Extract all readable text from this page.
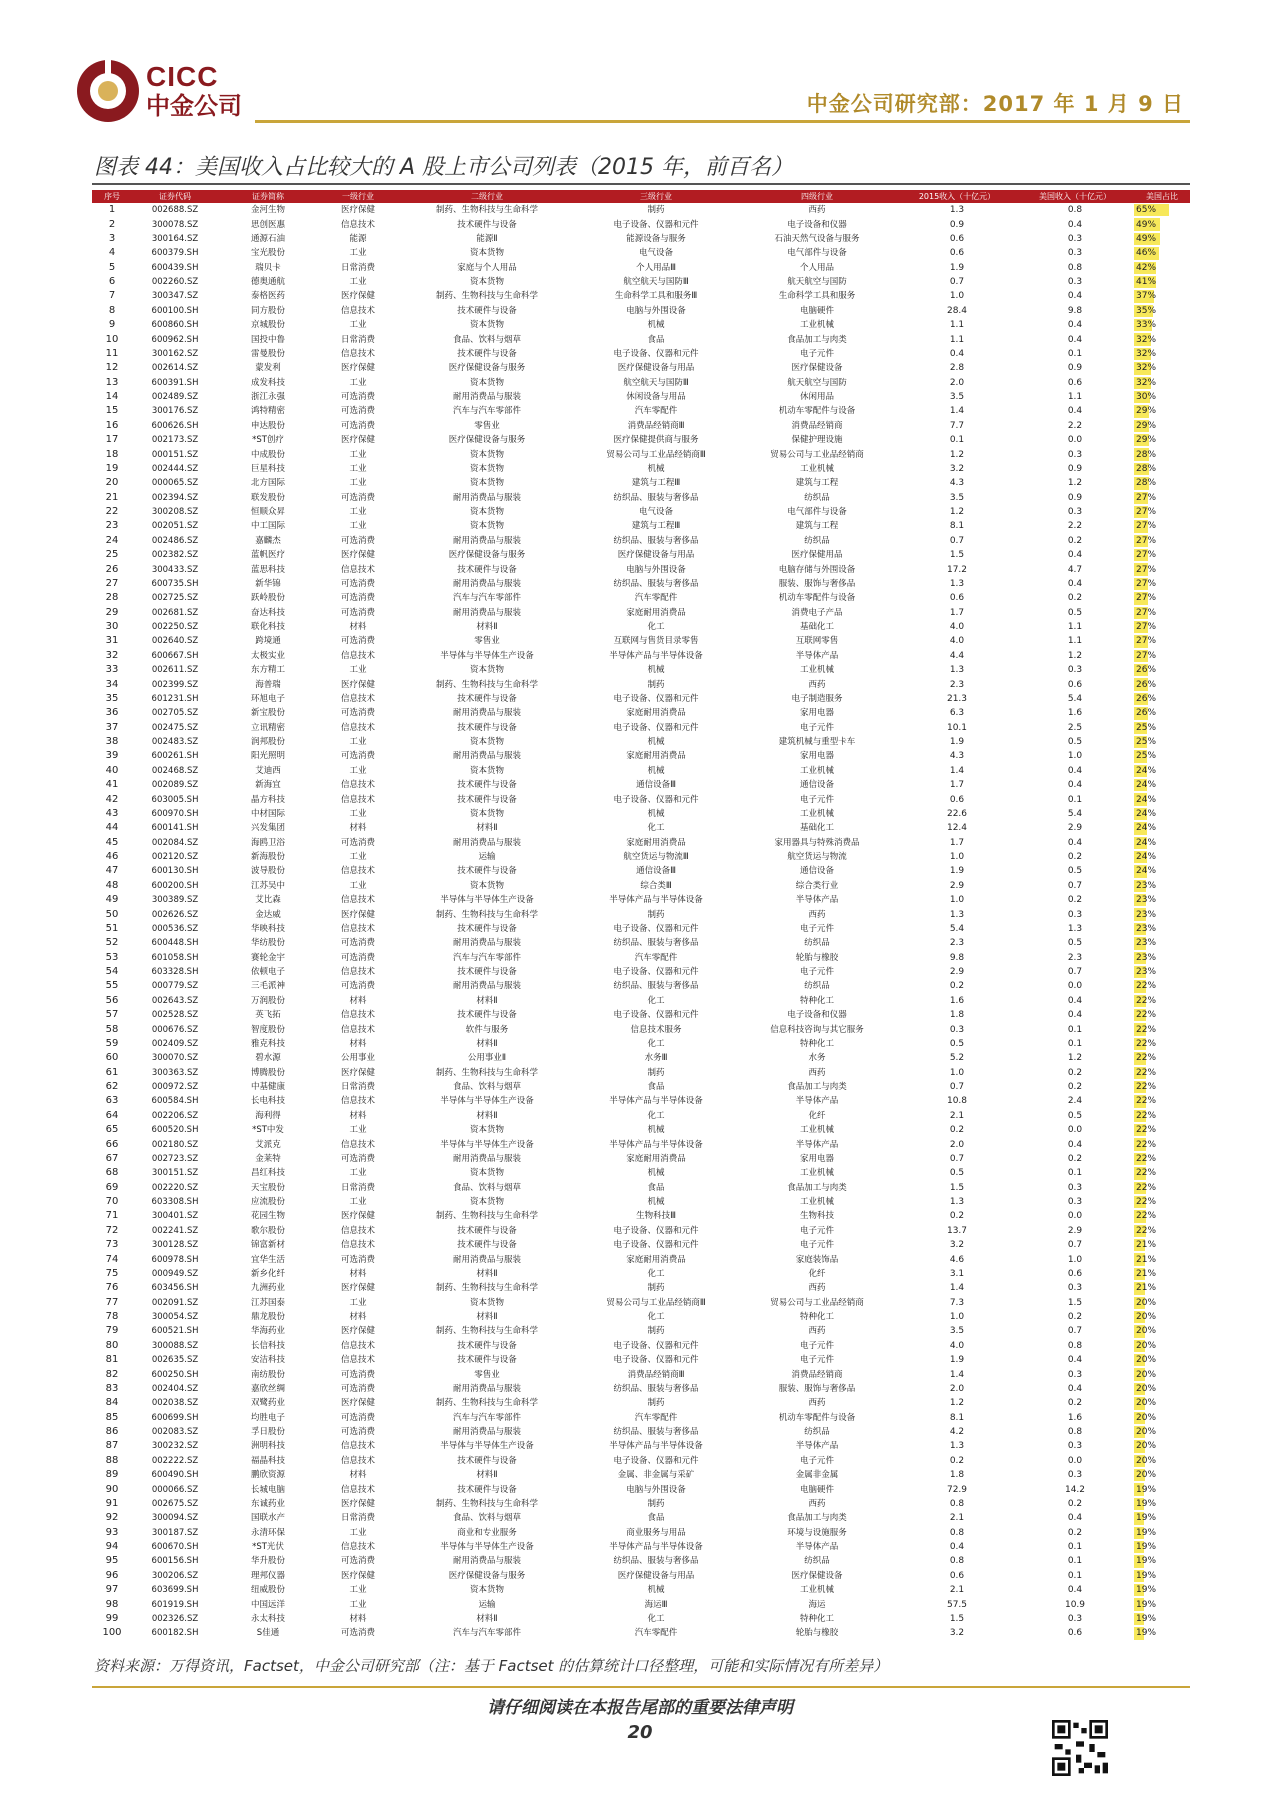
CICC
中金公司	中金公司研究部：2017 年 1 月 9 日
图表 44：美国收入占比较大的 A 股上市公司列表（2015 年，前百名）
序号	证券代码	证券简称	一级行业	二级行业	三级行业	四级行业	2015收入（十亿元）	美国收入（十亿元）	美国占比
1	002688.SZ	金河生物	医疗保健	制药、生物科技与生命科学	制药	西药	1.3	0.8	65%
2	300078.SZ	思创医惠	信息技术	技术硬件与设备	电子设备、仪器和元件	电子设备和仪器	0.9	0.4	49%
3	300164.SZ	通源石油	能源	能源Ⅱ	能源设备与服务	石油天然气设备与服务	0.6	0.3	49%
4	600379.SH	宝光股份	工业	资本货物	电气设备	电气部件与设备	0.6	0.3	46%
5	600439.SH	瑞贝卡	日常消费	家庭与个人用品	个人用品Ⅲ	个人用品	1.9	0.8	42%
6	002260.SZ	德奥通航	工业	资本货物	航空航天与国防Ⅲ	航天航空与国防	0.7	0.3	41%
7	300347.SZ	泰格医药	医疗保健	制药、生物科技与生命科学	生命科学工具和服务Ⅲ	生命科学工具和服务	1.0	0.4	37%
8	600100.SH	同方股份	信息技术	技术硬件与设备	电脑与外围设备	电脑硬件	28.4	9.8	35%
9	600860.SH	京城股份	工业	资本货物	机械	工业机械	1.1	0.4	33%
10	600962.SH	国投中鲁	日常消费	食品、饮料与烟草	食品	食品加工与肉类	1.1	0.4	32%
11	300162.SZ	雷曼股份	信息技术	技术硬件与设备	电子设备、仪器和元件	电子元件	0.4	0.1	32%
12	002614.SZ	蒙发利	医疗保健	医疗保健设备与服务	医疗保健设备与用品	医疗保健设备	2.8	0.9	32%
13	600391.SH	成发科技	工业	资本货物	航空航天与国防Ⅲ	航天航空与国防	2.0	0.6	32%
14	002489.SZ	浙江永强	可选消费	耐用消费品与服装	休闲设备与用品	休闲用品	3.5	1.1	30%
15	300176.SZ	鸿特精密	可选消费	汽车与汽车零部件	汽车零配件	机动车零配件与设备	1.4	0.4	29%
16	600626.SH	申达股份	可选消费	零售业	消费品经销商Ⅲ	消费品经销商	7.7	2.2	29%
17	002173.SZ	*ST创疗	医疗保健	医疗保健设备与服务	医疗保健提供商与服务	保健护理设施	0.1	0.0	29%
18	000151.SZ	中成股份	工业	资本货物	贸易公司与工业品经销商Ⅲ	贸易公司与工业品经销商	1.2	0.3	28%
19	002444.SZ	巨星科技	工业	资本货物	机械	工业机械	3.2	0.9	28%
20	000065.SZ	北方国际	工业	资本货物	建筑与工程Ⅲ	建筑与工程	4.3	1.2	28%
21	002394.SZ	联发股份	可选消费	耐用消费品与服装	纺织品、服装与奢侈品	纺织品	3.5	0.9	27%
22	300208.SZ	恒顺众昇	工业	资本货物	电气设备	电气部件与设备	1.2	0.3	27%
23	002051.SZ	中工国际	工业	资本货物	建筑与工程Ⅲ	建筑与工程	8.1	2.2	27%
24	002486.SZ	嘉麟杰	可选消费	耐用消费品与服装	纺织品、服装与奢侈品	纺织品	0.7	0.2	27%
25	002382.SZ	蓝帆医疗	医疗保健	医疗保健设备与服务	医疗保健设备与用品	医疗保健用品	1.5	0.4	27%
26	300433.SZ	蓝思科技	信息技术	技术硬件与设备	电脑与外围设备	电脑存储与外围设备	17.2	4.7	27%
27	600735.SH	新华锦	可选消费	耐用消费品与服装	纺织品、服装与奢侈品	服装、服饰与奢侈品	1.3	0.4	27%
28	002725.SZ	跃岭股份	可选消费	汽车与汽车零部件	汽车零配件	机动车零配件与设备	0.6	0.2	27%
29	002681.SZ	奋达科技	可选消费	耐用消费品与服装	家庭耐用消费品	消费电子产品	1.7	0.5	27%
30	002250.SZ	联化科技	材料	材料Ⅱ	化工	基础化工	4.0	1.1	27%
31	002640.SZ	跨境通	可选消费	零售业	互联网与售货目录零售	互联网零售	4.0	1.1	27%
32	600667.SH	太极实业	信息技术	半导体与半导体生产设备	半导体产品与半导体设备	半导体产品	4.4	1.2	27%
33	002611.SZ	东方精工	工业	资本货物	机械	工业机械	1.3	0.3	26%
34	002399.SZ	海普瑞	医疗保健	制药、生物科技与生命科学	制药	西药	2.3	0.6	26%
35	601231.SH	环旭电子	信息技术	技术硬件与设备	电子设备、仪器和元件	电子制造服务	21.3	5.4	26%
36	002705.SZ	新宝股份	可选消费	耐用消费品与服装	家庭耐用消费品	家用电器	6.3	1.6	26%
37	002475.SZ	立讯精密	信息技术	技术硬件与设备	电子设备、仪器和元件	电子元件	10.1	2.5	25%
38	002483.SZ	润邦股份	工业	资本货物	机械	建筑机械与重型卡车	1.9	0.5	25%
39	600261.SH	阳光照明	可选消费	耐用消费品与服装	家庭耐用消费品	家用电器	4.3	1.0	25%
40	002468.SZ	艾迪西	工业	资本货物	机械	工业机械	1.4	0.4	24%
41	002089.SZ	新海宜	信息技术	技术硬件与设备	通信设备Ⅲ	通信设备	1.7	0.4	24%
42	603005.SH	晶方科技	信息技术	技术硬件与设备	电子设备、仪器和元件	电子元件	0.6	0.1	24%
43	600970.SH	中材国际	工业	资本货物	机械	工业机械	22.6	5.4	24%
44	600141.SH	兴发集团	材料	材料Ⅱ	化工	基础化工	12.4	2.9	24%
45	002084.SZ	海鸥卫浴	可选消费	耐用消费品与服装	家庭耐用消费品	家用器具与特殊消费品	1.7	0.4	24%
46	002120.SZ	新海股份	工业	运输	航空货运与物流Ⅲ	航空货运与物流	1.0	0.2	24%
47	600130.SH	波导股份	信息技术	技术硬件与设备	通信设备Ⅲ	通信设备	1.9	0.5	24%
48	600200.SH	江苏吴中	工业	资本货物	综合类Ⅲ	综合类行业	2.9	0.7	23%
49	300389.SZ	艾比森	信息技术	半导体与半导体生产设备	半导体产品与半导体设备	半导体产品	1.0	0.2	23%
50	002626.SZ	金达威	医疗保健	制药、生物科技与生命科学	制药	西药	1.3	0.3	23%
51	000536.SZ	华映科技	信息技术	技术硬件与设备	电子设备、仪器和元件	电子元件	5.4	1.3	23%
52	600448.SH	华纺股份	可选消费	耐用消费品与服装	纺织品、服装与奢侈品	纺织品	2.3	0.5	23%
53	601058.SH	赛轮金宇	可选消费	汽车与汽车零部件	汽车零配件	轮胎与橡胶	9.8	2.3	23%
54	603328.SH	依顿电子	信息技术	技术硬件与设备	电子设备、仪器和元件	电子元件	2.9	0.7	23%
55	000779.SZ	三毛派神	可选消费	耐用消费品与服装	纺织品、服装与奢侈品	纺织品	0.2	0.0	22%
56	002643.SZ	万润股份	材料	材料Ⅱ	化工	特种化工	1.6	0.4	22%
57	002528.SZ	英飞拓	信息技术	技术硬件与设备	电子设备、仪器和元件	电子设备和仪器	1.8	0.4	22%
58	000676.SZ	智度股份	信息技术	软件与服务	信息技术服务	信息科技咨询与其它服务	0.3	0.1	22%
59	002409.SZ	雅克科技	材料	材料Ⅱ	化工	特种化工	0.5	0.1	22%
60	300070.SZ	碧水源	公用事业	公用事业Ⅱ	水务Ⅲ	水务	5.2	1.2	22%
61	300363.SZ	博腾股份	医疗保健	制药、生物科技与生命科学	制药	西药	1.0	0.2	22%
62	000972.SZ	中基健康	日常消费	食品、饮料与烟草	食品	食品加工与肉类	0.7	0.2	22%
63	600584.SH	长电科技	信息技术	半导体与半导体生产设备	半导体产品与半导体设备	半导体产品	10.8	2.4	22%
64	002206.SZ	海利得	材料	材料Ⅱ	化工	化纤	2.1	0.5	22%
65	600520.SH	*ST中发	工业	资本货物	机械	工业机械	0.2	0.0	22%
66	002180.SZ	艾派克	信息技术	半导体与半导体生产设备	半导体产品与半导体设备	半导体产品	2.0	0.4	22%
67	002723.SZ	金莱特	可选消费	耐用消费品与服装	家庭耐用消费品	家用电器	0.7	0.2	22%
68	300151.SZ	昌红科技	工业	资本货物	机械	工业机械	0.5	0.1	22%
69	002220.SZ	天宝股份	日常消费	食品、饮料与烟草	食品	食品加工与肉类	1.5	0.3	22%
70	603308.SH	应流股份	工业	资本货物	机械	工业机械	1.3	0.3	22%
71	300401.SZ	花园生物	医疗保健	制药、生物科技与生命科学	生物科技Ⅲ	生物科技	0.2	0.0	22%
72	002241.SZ	歌尔股份	信息技术	技术硬件与设备	电子设备、仪器和元件	电子元件	13.7	2.9	22%
73	300128.SZ	锦富新材	信息技术	技术硬件与设备	电子设备、仪器和元件	电子元件	3.2	0.7	21%
74	600978.SH	宜华生活	可选消费	耐用消费品与服装	家庭耐用消费品	家庭装饰品	4.6	1.0	21%
75	000949.SZ	新乡化纤	材料	材料Ⅱ	化工	化纤	3.1	0.6	21%
76	603456.SH	九洲药业	医疗保健	制药、生物科技与生命科学	制药	西药	1.4	0.3	21%
77	002091.SZ	江苏国泰	工业	资本货物	贸易公司与工业品经销商Ⅲ	贸易公司与工业品经销商	7.3	1.5	20%
78	300054.SZ	鼎龙股份	材料	材料Ⅱ	化工	特种化工	1.0	0.2	20%
79	600521.SH	华海药业	医疗保健	制药、生物科技与生命科学	制药	西药	3.5	0.7	20%
80	300088.SZ	长信科技	信息技术	技术硬件与设备	电子设备、仪器和元件	电子元件	4.0	0.8	20%
81	002635.SZ	安洁科技	信息技术	技术硬件与设备	电子设备、仪器和元件	电子元件	1.9	0.4	20%
82	600250.SH	南纺股份	可选消费	零售业	消费品经销商Ⅲ	消费品经销商	1.4	0.3	20%
83	002404.SZ	嘉欣丝绸	可选消费	耐用消费品与服装	纺织品、服装与奢侈品	服装、服饰与奢侈品	2.0	0.4	20%
84	002038.SZ	双鹭药业	医疗保健	制药、生物科技与生命科学	制药	西药	1.2	0.2	20%
85	600699.SH	均胜电子	可选消费	汽车与汽车零部件	汽车零配件	机动车零配件与设备	8.1	1.6	20%
86	002083.SZ	孚日股份	可选消费	耐用消费品与服装	纺织品、服装与奢侈品	纺织品	4.2	0.8	20%
87	300232.SZ	洲明科技	信息技术	半导体与半导体生产设备	半导体产品与半导体设备	半导体产品	1.3	0.3	20%
88	002222.SZ	福晶科技	信息技术	技术硬件与设备	电子设备、仪器和元件	电子元件	0.2	0.0	20%
89	600490.SH	鹏欣资源	材料	材料Ⅱ	金属、非金属与采矿	金属非金属	1.8	0.3	20%
90	000066.SZ	长城电脑	信息技术	技术硬件与设备	电脑与外围设备	电脑硬件	72.9	14.2	19%
91	002675.SZ	东诚药业	医疗保健	制药、生物科技与生命科学	制药	西药	0.8	0.2	19%
92	300094.SZ	国联水产	日常消费	食品、饮料与烟草	食品	食品加工与肉类	2.1	0.4	19%
93	300187.SZ	永清环保	工业	商业和专业服务	商业服务与用品	环境与设施服务	0.8	0.2	19%
94	600670.SH	*ST光伏	信息技术	半导体与半导体生产设备	半导体产品与半导体设备	半导体产品	0.4	0.1	19%
95	600156.SH	华升股份	可选消费	耐用消费品与服装	纺织品、服装与奢侈品	纺织品	0.8	0.1	19%
96	300206.SZ	理邦仪器	医疗保健	医疗保健设备与服务	医疗保健设备与用品	医疗保健设备	0.6	0.1	19%
97	603699.SH	纽威股份	工业	资本货物	机械	工业机械	2.1	0.4	19%
98	601919.SH	中国远洋	工业	运输	海运Ⅲ	海运	57.5	10.9	19%
99	002326.SZ	永太科技	材料	材料Ⅱ	化工	特种化工	1.5	0.3	19%
100	600182.SH	S佳通	可选消费	汽车与汽车零部件	汽车零配件	轮胎与橡胶	3.2	0.6	19%
资料来源：万得资讯，Factset，中金公司研究部（注：基于 Factset 的估算统计口径整理，可能和实际情况有所差异）
请仔细阅读在本报告尾部的重要法律声明
20
